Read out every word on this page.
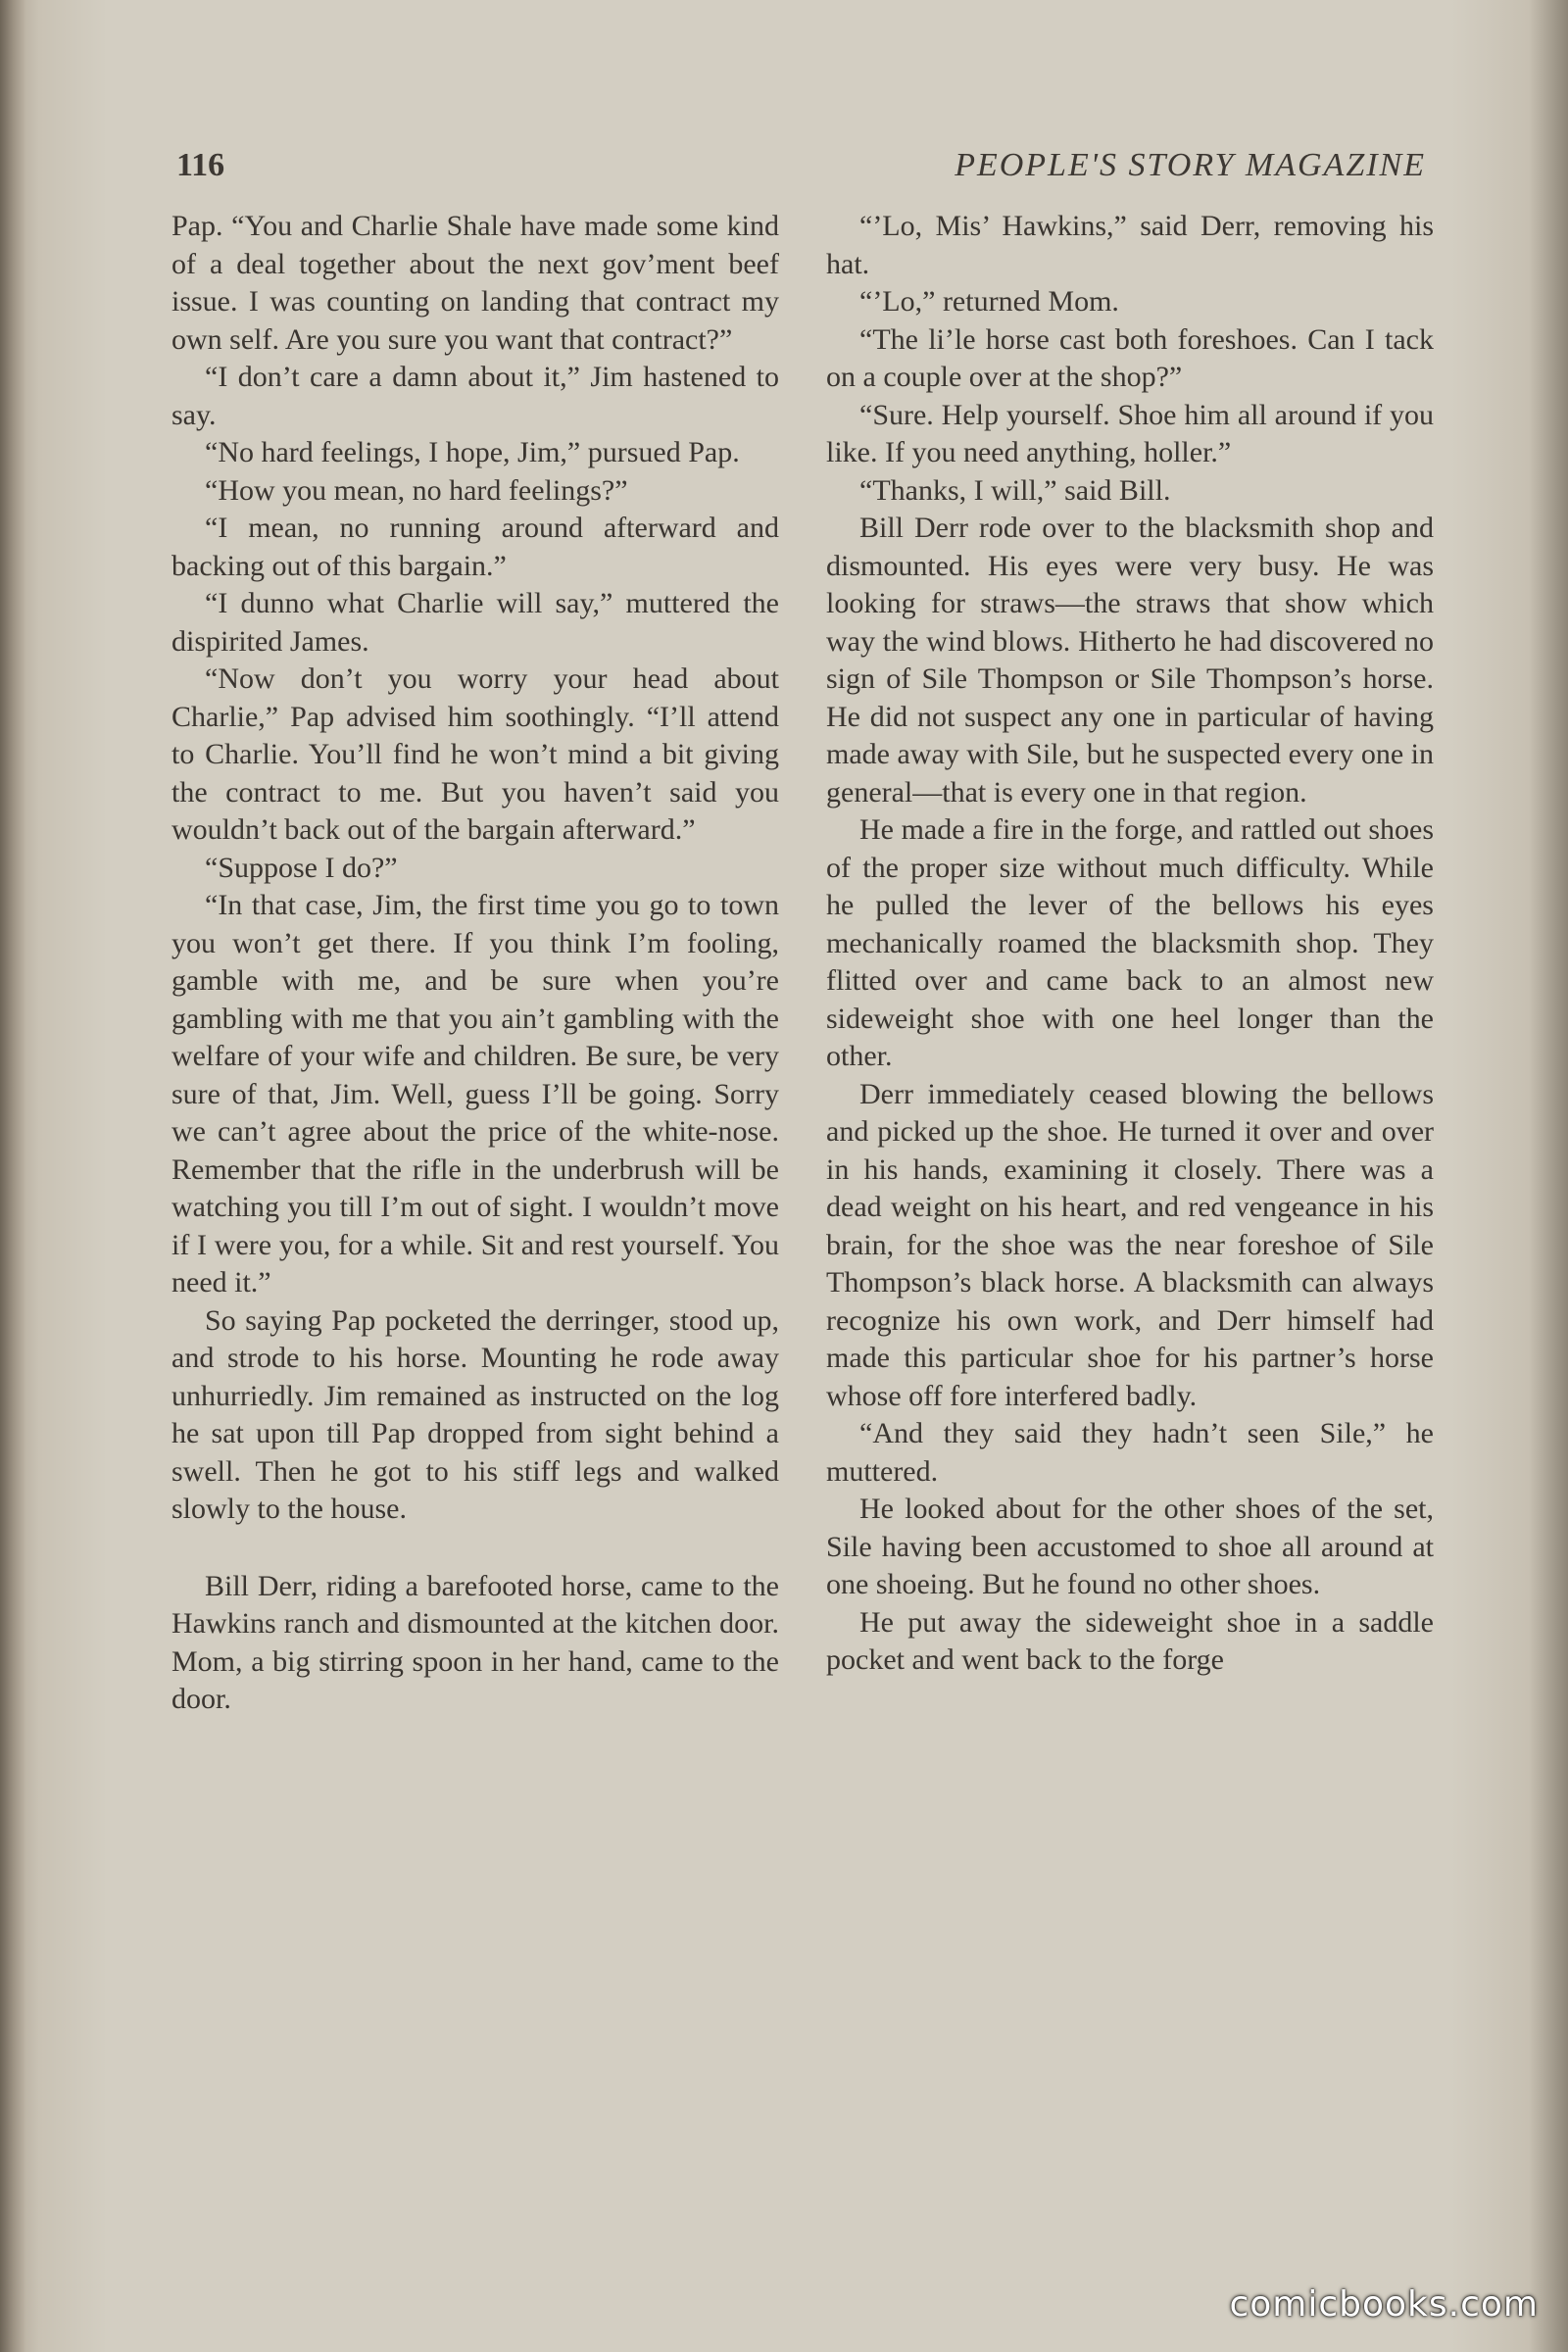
116	PEOPLE'S STORY MAGAZINE

Pap. “You and Charlie Shale have made some kind of a deal together about the next gov’ment beef issue. I was counting on landing that contract my own self. Are you sure you want that contract?”

“I don’t care a damn about it,” Jim hastened to say.

“No hard feelings, I hope, Jim,” pursued Pap.

“How you mean, no hard feelings?”

“I mean, no running around afterward and backing out of this bargain.”

“I dunno what Charlie will say,” muttered the dispirited James.

“Now don’t you worry your head about Charlie,” Pap advised him soothingly. “I’ll attend to Charlie. You’ll find he won’t mind a bit giving the contract to me. But you haven’t said you wouldn’t back out of the bargain afterward.”

“Suppose I do?”

“In that case, Jim, the first time you go to town you won’t get there. If you think I’m fooling, gamble with me, and be sure when you’re gambling with me that you ain’t gambling with the welfare of your wife and children. Be sure, be very sure of that, Jim. Well, guess I’ll be going. Sorry we can’t agree about the price of the white-nose. Remember that the rifle in the underbrush will be watching you till I’m out of sight. I wouldn’t move if I were you, for a while. Sit and rest yourself. You need it.”

So saying Pap pocketed the derringer, stood up, and strode to his horse. Mounting he rode away unhurriedly. Jim remained as instructed on the log he sat upon till Pap dropped from sight behind a swell. Then he got to his stiff legs and walked slowly to the house.

Bill Derr, riding a barefooted horse, came to the Hawkins ranch and dismounted at the kitchen door. Mom, a big stirring spoon in her hand, came to the door.

“’Lo, Mis’ Hawkins,” said Derr, removing his hat.

“’Lo,” returned Mom.

“The li’le horse cast both foreshoes. Can I tack on a couple over at the shop?”

“Sure. Help yourself. Shoe him all around if you like. If you need anything, holler.”

“Thanks, I will,” said Bill.

Bill Derr rode over to the blacksmith shop and dismounted. His eyes were very busy. He was looking for straws—the straws that show which way the wind blows. Hitherto he had discovered no sign of Sile Thompson or Sile Thompson’s horse. He did not suspect any one in particular of having made away with Sile, but he suspected every one in general—that is every one in that region.

He made a fire in the forge, and rattled out shoes of the proper size without much difficulty. While he pulled the lever of the bellows his eyes mechanically roamed the blacksmith shop. They flitted over and came back to an almost new sideweight shoe with one heel longer than the other.

Derr immediately ceased blowing the bellows and picked up the shoe. He turned it over and over in his hands, examining it closely. There was a dead weight on his heart, and red vengeance in his brain, for the shoe was the near foreshoe of Sile Thompson’s black horse. A blacksmith can always recognize his own work, and Derr himself had made this particular shoe for his partner’s horse whose off fore interfered badly.

“And they said they hadn’t seen Sile,” he muttered.

He looked about for the other shoes of the set, Sile having been accustomed to shoe all around at one shoeing. But he found no other shoes.

He put away the sideweight shoe in a saddle pocket and went back to the forge

comicbooks.com
